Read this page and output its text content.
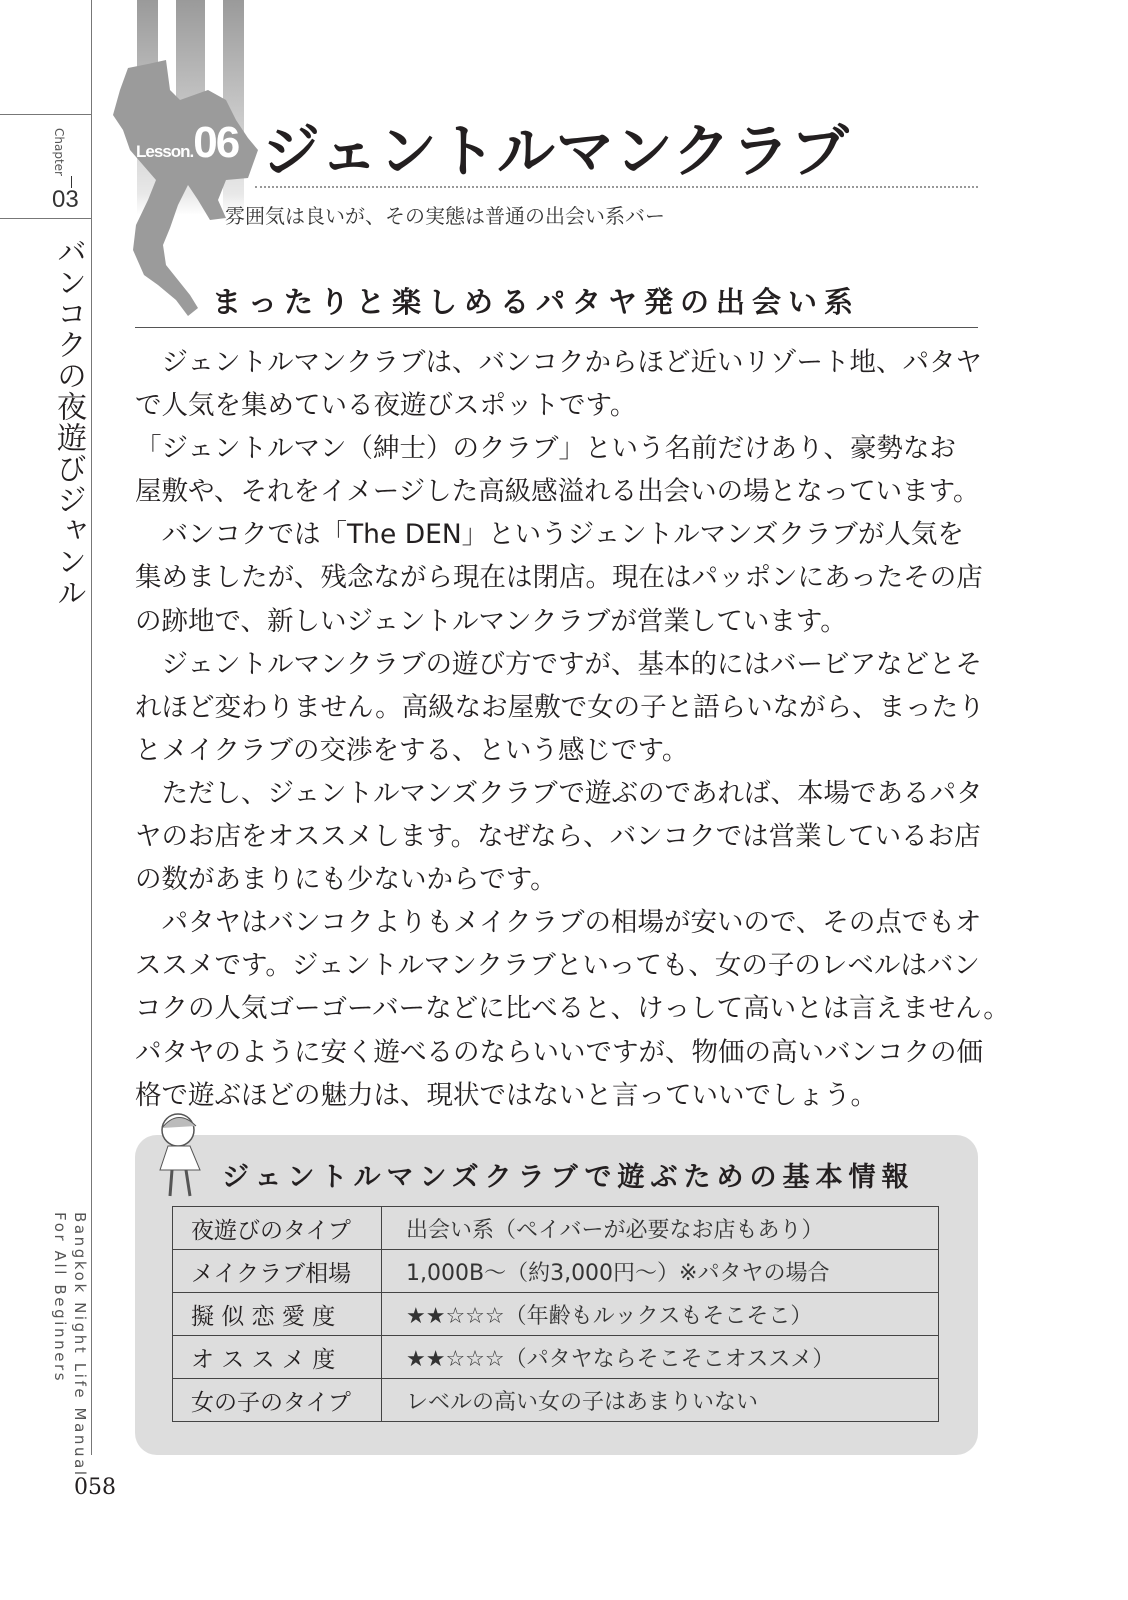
Chapter
03
バンコクの夜遊びジャンル
Bangkok Night Life Manual
For All Beginners
058
Lesson.06 ジェントルマンクラブ
雰囲気は良いが、その実態は普通の出会い系バー
まったりと楽しめるパタヤ発の出会い系
　ジェントルマンクラブは、バンコクからほど近いリゾート地、パタヤ
で人気を集めている夜遊びスポットです。
「ジェントルマン（紳士）のクラブ」という名前だけあり、豪勢なお
屋敷や、それをイメージした高級感溢れる出会いの場となっています。
　バンコクでは「The DEN」というジェントルマンズクラブが人気を
集めましたが、残念ながら現在は閉店。現在はパッポンにあったその店
の跡地で、新しいジェントルマンクラブが営業しています。
　ジェントルマンクラブの遊び方ですが、基本的にはバービアなどとそ
れほど変わりません。高級なお屋敷で女の子と語らいながら、まったり
とメイクラブの交渉をする、という感じです。
　ただし、ジェントルマンズクラブで遊ぶのであれば、本場であるパタ
ヤのお店をオススメします。なぜなら、バンコクでは営業しているお店
の数があまりにも少ないからです。
　パタヤはバンコクよりもメイクラブの相場が安いので、その点でもオ
ススメです。ジェントルマンクラブといっても、女の子のレベルはバン
コクの人気ゴーゴーバーなどに比べると、けっして高いとは言えません。
パタヤのように安く遊べるのならいいですが、物価の高いバンコクの価
格で遊ぶほどの魅力は、現状ではないと言っていいでしょう。
ジェントルマンズクラブで遊ぶための基本情報
夜遊びのタイプ	出会い系（ペイバーが必要なお店もあり）
メイクラブ相場	1,000B～（約3,000円～）※パタヤの場合
擬 似 恋 愛 度	★★☆☆☆（年齢もルックスもそこそこ）
オ ス ス メ 度	★★☆☆☆（パタヤならそこそこオススメ）
女の子のタイプ	レベルの高い女の子はあまりいない
